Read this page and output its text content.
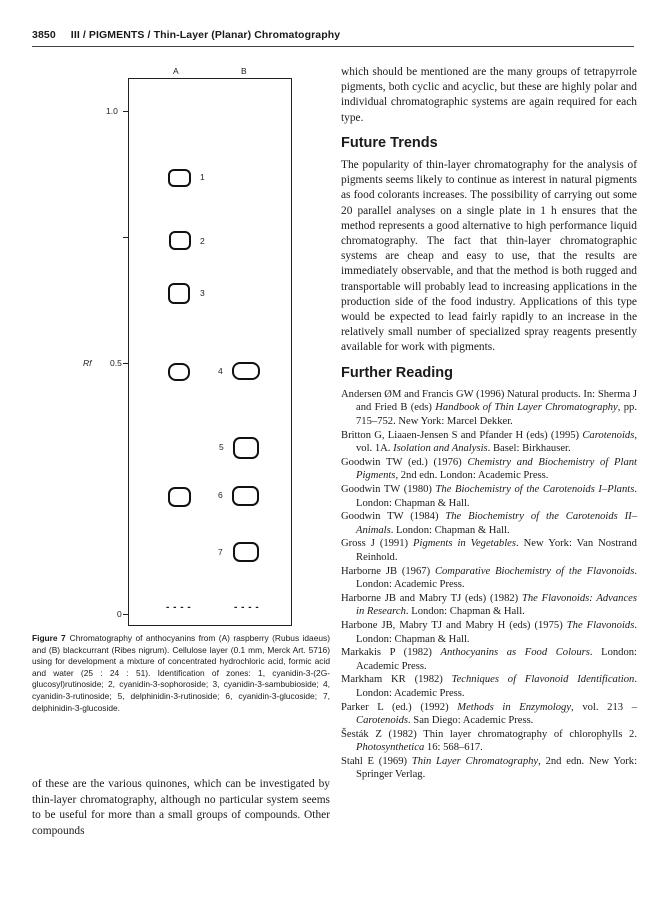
3850 III / PIGMENTS / Thin-Layer (Planar) Chromatography
A	B
1.0
0.5
Rf
0
1
2
3
4
5
6
7
- - - -	- - - -
Figure 7 Chromatography of anthocyanins from (A) raspberry (Rubus idaeus) and (B) blackcurrant (Ribes nigrum). Cellulose layer (0.1 mm, Merck Art. 5716) using for development a mixture of concentrated hydrochloric acid, formic acid and water (25 : 24 : 51). Identification of zones: 1, cyanidin-3-(2G-glucosyl)rutinoside; 2, cyanidin-3-sophoroside; 3, cyanidin-3-sambubioside; 4, cyanidin-3-rutinoside; 5, delphinidin-3-rutinoside; 6, cyanidin-3-glucoside; 7, delphinidin-3-glucoside.
of these are the various quinones, which can be investigated by thin-layer chromatography, although no particular system seems to be useful for more than a small groups of compounds. Other compounds

which should be mentioned are the many groups of tetrapyrrole pigments, both cyclic and acyclic, but these are highly polar and individual chromatographic systems are again required for each type.

Future Trends

The popularity of thin-layer chromatography for the analysis of pigments seems likely to continue as interest in natural pigments as food colorants increases. The possibility of carrying out some 20 parallel analyses on a single plate in 1 h ensures that the method represents a good alternative to high performance liquid chromatography. The fact that thin-layer chromatographic systems are cheap and easy to use, that the results are immediately observable, and that the method is both rugged and transportable will probably lead to increasing applications in the production side of the food industry. Applications of this type would be expected to lead fairly rapidly to an increase in the relatively small number of specialized spray reagents presently available for work with pigments.

Further Reading
Andersen ØM and Francis GW (1996) Natural products. In: Sherma J and Fried B (eds) Handbook of Thin Layer Chromatography, pp. 715–752. New York: Marcel Dekker.
Britton G, Liaaen-Jensen S and Pfander H (eds) (1995) Carotenoids, vol. 1A. Isolation and Analysis. Basel: Birkhauser.
Goodwin TW (ed.) (1976) Chemistry and Biochemistry of Plant Pigments, 2nd edn. London: Academic Press.
Goodwin TW (1980) The Biochemistry of the Carotenoids I–Plants. London: Chapman & Hall.
Goodwin TW (1984) The Biochemistry of the Carotenoids II–Animals. London: Chapman & Hall.
Gross J (1991) Pigments in Vegetables. New York: Van Nostrand Reinhold.
Harborne JB (1967) Comparative Biochemistry of the Flavonoids. London: Academic Press.
Harborne JB and Mabry TJ (eds) (1982) The Flavonoids: Advances in Research. London: Chapman & Hall.
Harbone JB, Mabry TJ and Mabry H (eds) (1975) The Flavonoids. London: Chapman & Hall.
Markakis P (1982) Anthocyanins as Food Colours. London: Academic Press.
Markham KR (1982) Techniques of Flavonoid Identification. London: Academic Press.
Parker L (ed.) (1992) Methods in Enzymology, vol. 213 – Carotenoids. San Diego: Academic Press.
Šesták Z (1982) Thin layer chromatography of chlorophylls 2. Photosynthetica 16: 568–617.
Stahl E (1969) Thin Layer Chromatography, 2nd edn. New York: Springer Verlag.
